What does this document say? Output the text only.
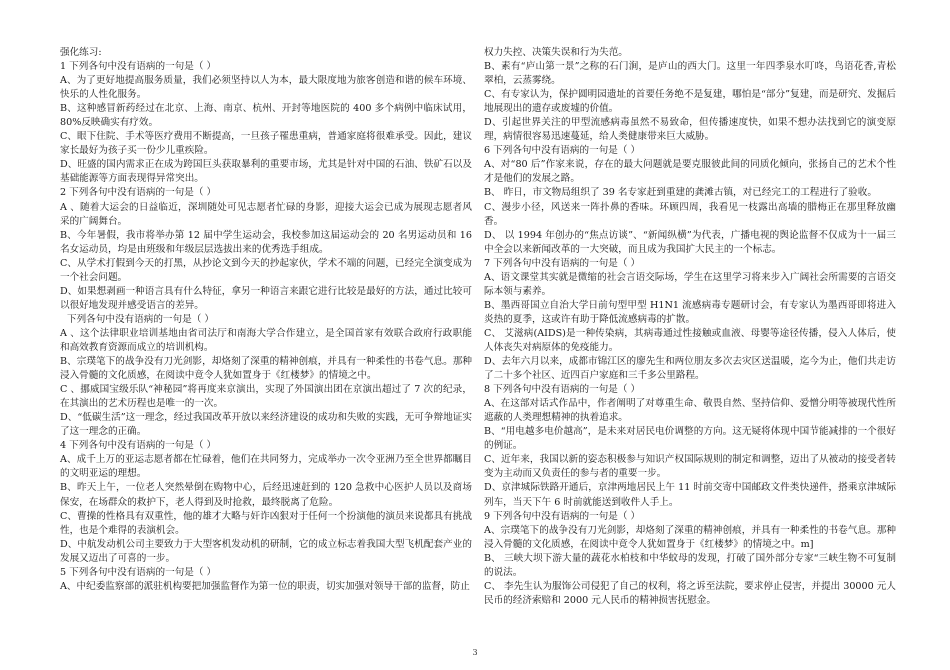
强化练习:

1 下列各句中没有语病的一句是（ ）

A、为了更好地提高服务质量，我们必须坚持以人为本，最大限度地为旅客创造和谐的候车环境、快乐的人性化服务。

B、这种感冒新药经过在北京、上海、南京、杭州、开封等地医院的 400 多个病例中临床试用，80%反映确实有疗效。

C、眼下住院、手术等医疗费用不断提高，一旦孩子罹患重病，普通家庭将很难承受。因此，建议家长最好为孩子买一份少儿重疾险。

D、旺盛的国内需求正在成为跨国巨头获取暴利的重要市场，尤其是针对中国的石油、铁矿石以及基础能源等方面表现得异常突出。

2 下列各句中没有语病的一句是（ ）

A 、随着大运会的日益临近，深圳随处可见志愿者忙碌的身影，迎接大运会已成为展现志愿者风采的广阔舞台。

B、今年暑假，我市将举办第 12 届中学生运动会，我校参加这届运动会的 20 名男运动员和 16 名女运动员，均是由班级和年级层层选拔出来的优秀选手组成。

C、从学术打假到今天的打黑，从抄论文到今天的抄起家伙，学术不端的问题，已经完全演变成为一个社会问题。

D、如果想剥画一种语言具有什么特征，拿另一种语言来跟它进行比较是最好的方法，通过比较可以很好地发现并感受语言的差异。

下列各句中没有语病的一句是（ ）

A 、这个法律职业培训基地由省司法厅和南海大学合作建立，是全国首家有效联合政府行政职能和高效教育资源而成立的培训机构。

B、宗璞笔下的战争没有刀光剑影，却烙刻了深重的精神创痕，并具有一种柔性的书卷气息。那种浸入骨髓的文化质感，在阅读中竟令人犹如置身于《红楼梦》的情境之中。

C 、挪威国宝级乐队“神秘园”将再度来京演出，实现了外国演出团在京演出超过了 7 次的纪录，在其演出的艺术历程也是唯一的一次。

D、“低碳生活”这一理念，经过我国改革开放以来经济建设的成功和失败的实践，无可争辩地证实了这一理念的正确。

4 下列各句中没有语病的一句是（ ）

A、成千上万的亚运志愿者都在忙碌着，他们在共同努力，完成举办一次令亚洲乃至全世界都瞩目的文明亚运的理想。

B、昨天上午，一位老人突然晕倒在购物中心，后经迅速赶到的 120 急救中心医护人员以及商场保安，在场群众的救护下，老人得到及时抢救，最终脱离了危险。

C、曹操的性格具有双重性，他的雄才大略与奸诈凶狠对于任何一个扮演他的演员来说都具有挑战性，也是个难得的表演机会。

D、中航发动机公司主要致力于大型客机发动机的研制，它的成立标志着我国大型飞机配套产业的发展又迈出了可喜的一步。

5 下列各句中没有语病的一句是（ ）

A、中纪委监察部的派驻机构要把加强监督作为第一位的职责，切实加强对领导干部的监督，防止

权力失控、决策失误和行为失范。

B、素有“庐山第一景”之称的石门涧，是庐山的西大门。这里一年四季泉水叮咚，鸟语花香,青松翠柏，云蒸雾绕。

C、有专家认为，保护圆明园遗址的首要任务绝不是复建，哪怕是“部分”复建，而是研究、发掘后地展现出的遗存或废墟的价值。

D、引起世界关注的甲型流感病毒虽然不易致命，但传播速度快，如果不想办法找到它的演变原理，病情很容易迅速蔓延，给人类健康带来巨大威胁。

6 下列各句中没有语病的一句是（ ）

A、对“80 后”作家来说，存在的最大问题就是要克服彼此间的同质化倾向，张扬自己的艺术个性才是他们的发展之路。

B、 昨日，市文物局组织了 39 名专家赶到重建的龚滩古镇，对已经完工的工程进行了验收。

C、漫步小径，风送来一阵扑鼻的香味。环顾四周，我看见一枝露出高墙的腊梅正在那里释放幽香。

D、 以 1994 年创办的“焦点访谈”、“新闻纵横”为代表，广播电视的舆论监督不仅成为十一届三中全会以来新闻改革的一大突破，而且成为我国扩大民主的一个标志。

7 下列各句中没有语病的一句是（ ）

A、语文课堂其实就是微缩的社会言语交际场，学生在这里学习将来步入广阔社会所需要的言语交际本领与素养。

B、墨西哥国立自治大学日前句型甲型 H1N1 流感病毒专题研讨会，有专家认为墨西哥即将进入炎热的夏季，这或许有助于降低流感病毒的扩散。

C、 艾滋病(AIDS)是一种传染病，其病毒通过性接触或血液、母婴等途径传播，侵入人体后，使人体丧失对病原体的免疫能力。

D、去年六月以来，成都市锦江区的廖先生和两位朋友多次去灾区送温暖，迄今为止，他们共走访了二十多个社区、近四百户家庭和三千多公里路程。

8 下列各句中没有语病的一句是（ ）

A、在这部对话式作品中，作者阐明了对尊重生命、敬畏自然、坚持信仰、爱憎分明等被现代性所遮蔽的人类理想精神的执着追求。

B、“用电越多电价越高”，是未来对居民电价调整的方向。这无疑将体现中国节能减排的一个很好的例证。

C、近年来，我国以新的姿态积极参与知识产权国际规则的制定和调整，迈出了从被动的接受者转变为主动而又负责任的参与者的重要一步。

D、京津城际铁路开通后，京津两地居民上午 11 时前交寄中国邮政文件类快递件，搭乘京津城际列车，当天下午 6 时前就能送到收件人手上。

9 下列各句中没有语病的一句是（ ）

A、宗璞笔下的战争没有刀光剑影，却烙刻了深重的精神创痕，并具有一种柔性的书卷气息。那种浸入骨髓的文化质感，在阅读中竟令人犹如置身于《红楼梦》的情境之中。m]

B、 三峡大坝下游大量的蔬花水柏枝和中华蚊母的发现，打破了国外部分专家“三峡生物不可复制的说法。

C、 李先生认为服饰公司侵犯了自己的权利，将之诉至法院，要求停止侵害，并提出 30000 元人民币的经济索赔和 2000 元人民币的精神损害抚慰金。

3
